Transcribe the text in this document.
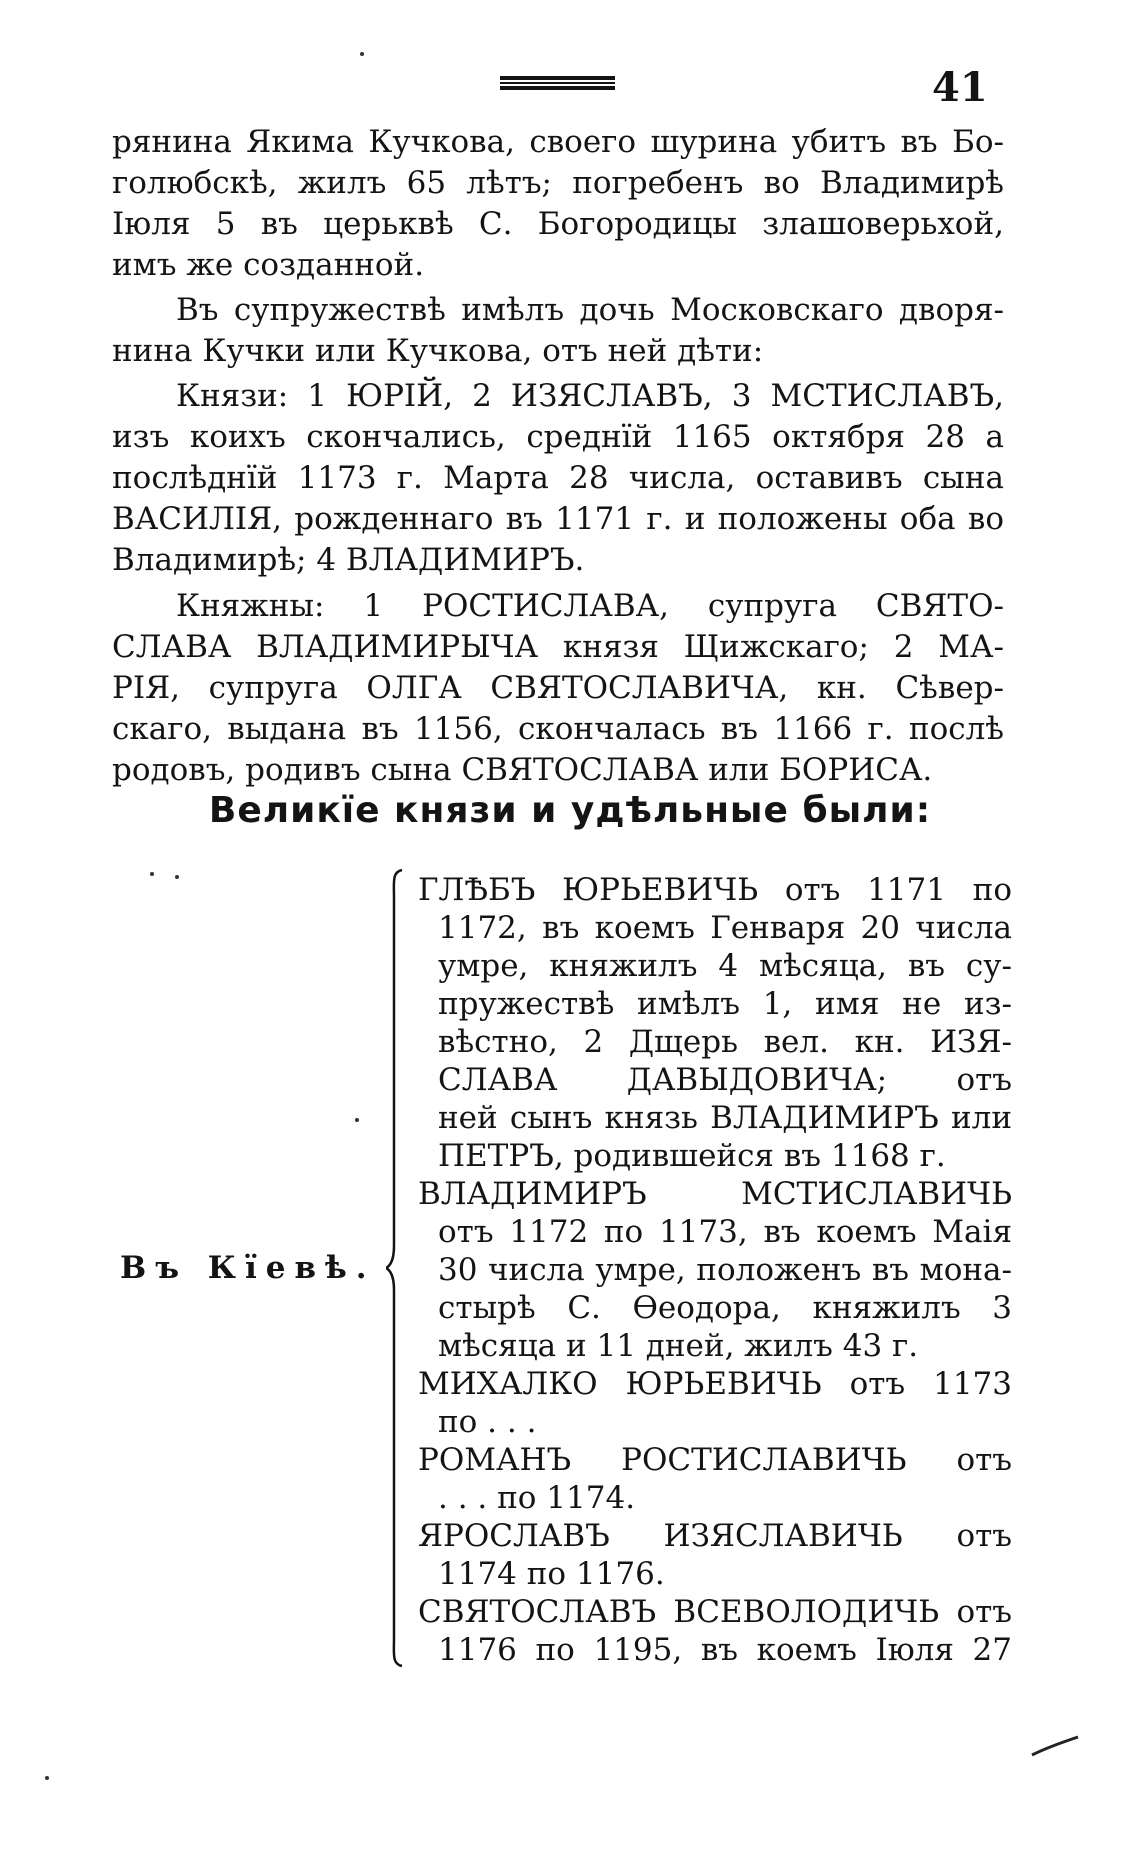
41
рянина Якима Кучкова, своего шурина убитъ въ Бо-
голюбскѣ, жилъ 65 лѣтъ; погребенъ во Владимирѣ
Іюля 5 въ церьквѣ С. Богородицы злашоверьхой,
имъ же созданной.
Въ супружествѣ имѣлъ дочь Московскаго дворя-
нина Кучки или Кучкова, отъ ней дѣти:
Князи: 1 ЮРІЙ, 2 ИЗЯСЛАВЪ, 3 МСТИСЛАВЪ,
изъ коихъ скончались, среднїй 1165 октября 28 а
послѣднїй 1173 г. Марта 28 числа, оставивъ сына
ВАСИЛІЯ, рожденнаго въ 1171 г. и положены оба во
Владимирѣ; 4 ВЛАДИМИРЪ.
Княжны: 1 РОСТИСЛАВА, супруга СВЯТО-
СЛАВА ВЛАДИМИРЫЧА князя Щижскаго; 2 МА-
РІЯ, супруга ОЛГА СВЯТОСЛАВИЧА, кн. Сѣвер-
скаго, выдана въ 1156, скончалась въ 1166 г. послѣ
родовъ, родивъ сына СВЯТОСЛАВА или БОРИСА.
Великїе князи и удѣльные были:
Въ Кїевѣ.
ГЛѢБЪ ЮРЬЕВИЧЬ отъ 1171 по
1172, въ коемъ Генваря 20 числа
умре, княжилъ 4 мѣсяца, въ су-
пружествѣ имѣлъ 1, имя не из-
вѣстно, 2 Дщерь вел. кн. ИЗЯ-
СЛАВА ДАВЫДОВИЧА; отъ
ней сынъ князь ВЛАДИМИРЪ или
ПЕТРЪ, родившейся въ 1168 г.
ВЛАДИМИРЪ МСТИСЛАВИЧЬ
отъ 1172 по 1173, въ коемъ Маія
30 числа умре, положенъ въ мона-
стырѣ С. Ѳеодора, княжилъ 3
мѣсяца и 11 дней, жилъ 43 г.
МИХАЛКО ЮРЬЕВИЧЬ отъ 1173
по . . .
РОМАНЪ РОСТИСЛАВИЧЬ отъ
. . . по 1174.
ЯРОСЛАВЪ ИЗЯСЛАВИЧЬ отъ
1174 по 1176.
СВЯТОСЛАВЪ ВСЕВОЛОДИЧЬ отъ
1176 по 1195, въ коемъ Іюля 27
